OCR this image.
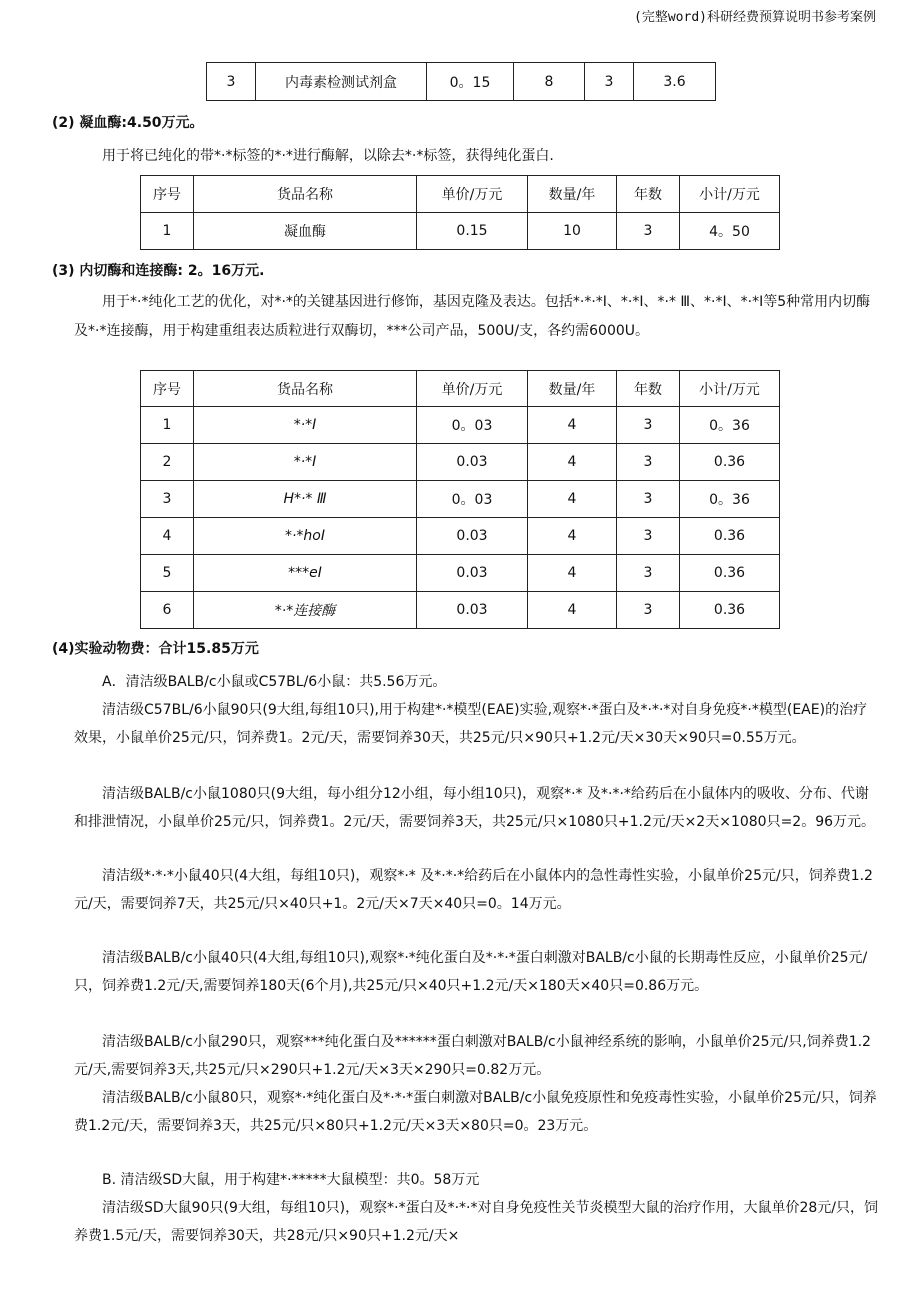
(完整word)科研经费预算说明书参考案例
3	内毒素检测试剂盒	0。15	8	3	3.6
(2) 凝血酶:4.50万元。
用于将已纯化的带*·*标签的*·*进行酶解，以除去*·*标签，获得纯化蛋白.
序号	货品名称	单价/万元	数量/年	年数	小计/万元
1	凝血酶	0.15	10	3	4。50
(3) 内切酶和连接酶: 2。16万元.
用于*·*纯化工艺的优化，对*·*的关键基因进行修饰，基因克隆及表达。包括*·*·*Ⅰ、*·*Ⅰ、*·* Ⅲ、*·*Ⅰ、*·*Ⅰ等5种常用内切酶及*·*连接酶，用于构建重组表达质粒进行双酶切，***公司产品，500U/支，各约需6000U。
序号	货品名称	单价/万元	数量/年	年数	小计/万元
1	*·*Ⅰ	0。03	4	3	0。36
2	*·*Ⅰ	0.03	4	3	0.36
3	H*·* Ⅲ	0。03	4	3	0。36
4	*·*hoⅠ	0.03	4	3	0.36
5	***eⅠ	0.03	4	3	0.36
6	*·*连接酶	0.03	4	3	0.36
(4)实验动物费：合计15.85万元
A．清洁级BALB/c小鼠或C57BL/6小鼠：共5.56万元。
清洁级C57BL/6小鼠90只(9大组,每组10只),用于构建*·*模型(EAE)实验,观察*·*蛋白及*·*·*对自身免疫*·*模型(EAE)的治疗效果，小鼠单价25元/只，饲养费1。2元/天，需要饲养30天，共25元/只×90只+1.2元/天×30天×90只=0.55万元。
清洁级BALB/c小鼠1080只(9大组，每小组分12小组，每小组10只)，观察*·* 及*·*·*给药后在小鼠体内的吸收、分布、代谢和排泄情况，小鼠单价25元/只，饲养费1。2元/天，需要饲养3天，共25元/只×1080只+1.2元/天×2天×1080只=2。96万元。
清洁级*·*·*小鼠40只(4大组，每组10只)，观察*·* 及*·*·*给药后在小鼠体内的急性毒性实验，小鼠单价25元/只，饲养费1.2元/天，需要饲养7天，共25元/只×40只+1。2元/天×7天×40只=0。14万元。
清洁级BALB/c小鼠40只(4大组,每组10只),观察*·*纯化蛋白及*·*·*蛋白刺激对BALB/c小鼠的长期毒性反应，小鼠单价25元/只，饲养费1.2元/天,需要饲养180天(6个月),共25元/只×40只+1.2元/天×180天×40只=0.86万元。
清洁级BALB/c小鼠290只，观察***纯化蛋白及******蛋白刺激对BALB/c小鼠神经系统的影响，小鼠单价25元/只,饲养费1.2元/天,需要饲养3天,共25元/只×290只+1.2元/天×3天×290只=0.82万元。
清洁级BALB/c小鼠80只，观察*·*纯化蛋白及*·*·*蛋白刺激对BALB/c小鼠免疫原性和免疫毒性实验，小鼠单价25元/只，饲养费1.2元/天，需要饲养3天，共25元/只×80只+1.2元/天×3天×80只=0。23万元。
B. 清洁级SD大鼠，用于构建*·*****大鼠模型：共0。58万元
清洁级SD大鼠90只(9大组，每组10只)，观察*·*蛋白及*·*·*对自身免疫性关节炎模型大鼠的治疗作用，大鼠单价28元/只，饲养费1.5元/天，需要饲养30天，共28元/只×90只+1.2元/天×
